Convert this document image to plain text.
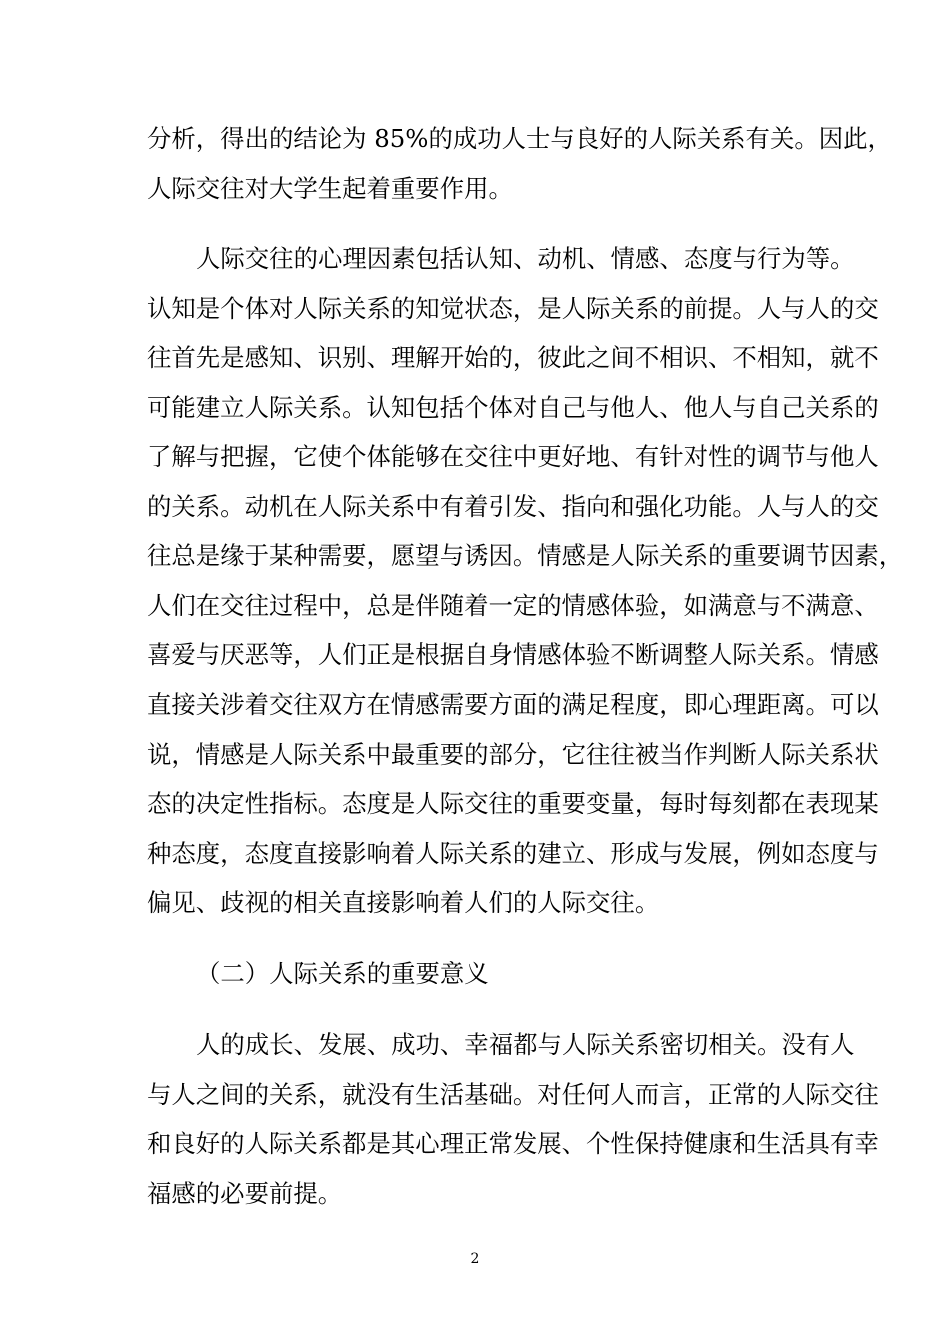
分析，得出的结论为 85%的成功人士与良好的人际关系有关。因此，
人际交往对大学生起着重要作用。
人际交往的心理因素包括认知、动机、情感、态度与行为等。
认知是个体对人际关系的知觉状态，是人际关系的前提。人与人的交
往首先是感知、识别、理解开始的，彼此之间不相识、不相知，就不
可能建立人际关系。认知包括个体对自己与他人、他人与自己关系的
了解与把握，它使个体能够在交往中更好地、有针对性的调节与他人
的关系。动机在人际关系中有着引发、指向和强化功能。人与人的交
往总是缘于某种需要，愿望与诱因。情感是人际关系的重要调节因素，
人们在交往过程中，总是伴随着一定的情感体验，如满意与不满意、
喜爱与厌恶等，人们正是根据自身情感体验不断调整人际关系。情感
直接关涉着交往双方在情感需要方面的满足程度，即心理距离。可以
说，情感是人际关系中最重要的部分，它往往被当作判断人际关系状
态的决定性指标。态度是人际交往的重要变量，每时每刻都在表现某
种态度，态度直接影响着人际关系的建立、形成与发展，例如态度与
偏见、歧视的相关直接影响着人们的人际交往。
（二）人际关系的重要意义
人的成长、发展、成功、幸福都与人际关系密切相关。没有人
与人之间的关系，就没有生活基础。对任何人而言，正常的人际交往
和良好的人际关系都是其心理正常发展、个性保持健康和生活具有幸
福感的必要前提。
2
